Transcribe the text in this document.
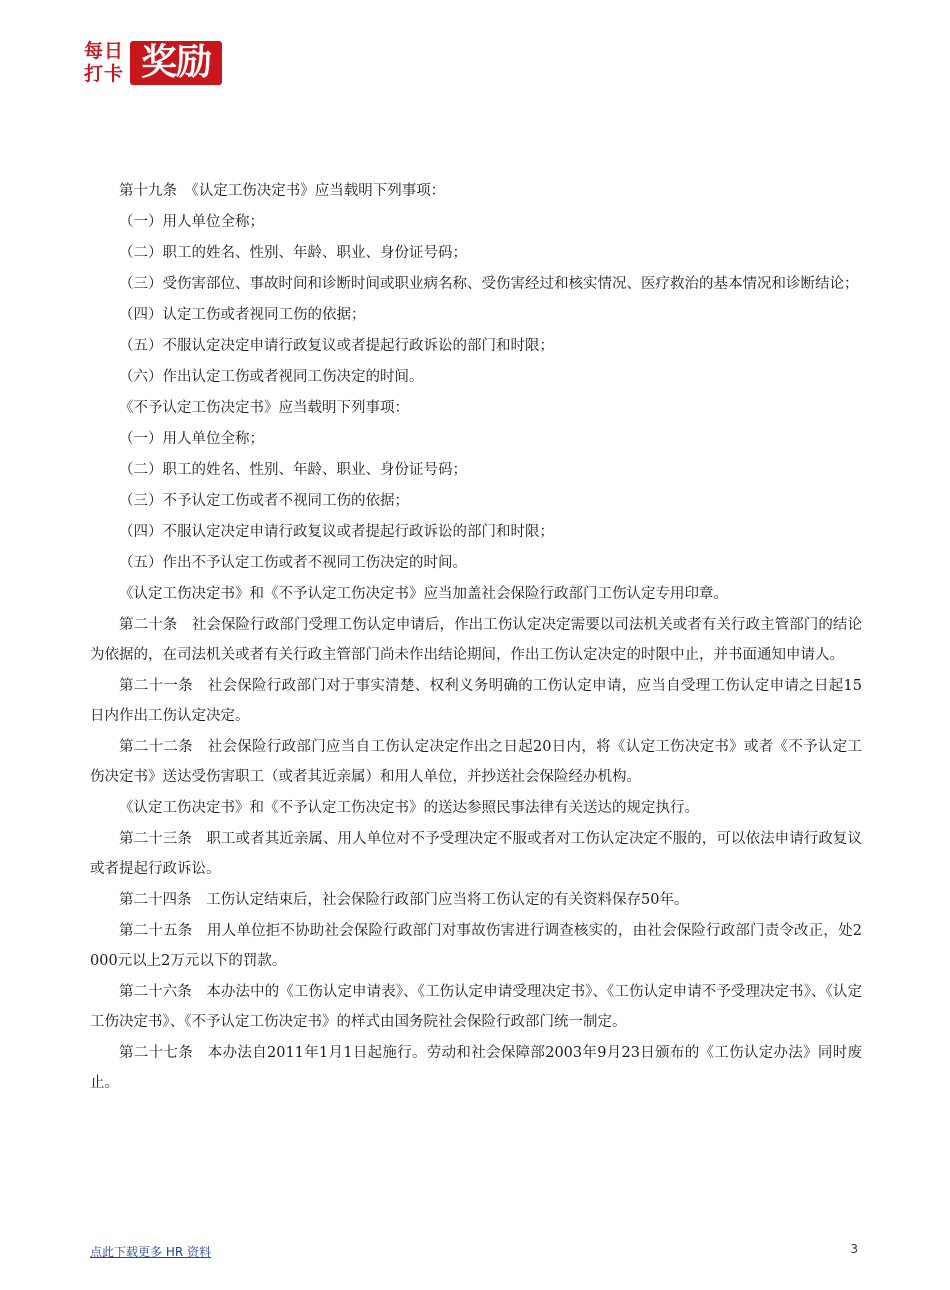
每日
打卡 奖励

第十九条　《认定工伤决定书》应当载明下列事项：

（一）用人单位全称；

（二）职工的姓名、性别、年龄、职业、身份证号码；

（三）受伤害部位、事故时间和诊断时间或职业病名称、受伤害经过和核实情况、医疗救治的基本情况和诊断结论；

（四）认定工伤或者视同工伤的依据；

（五）不服认定决定申请行政复议或者提起行政诉讼的部门和时限；

（六）作出认定工伤或者视同工伤决定的时间。

《不予认定工伤决定书》应当载明下列事项：

（一）用人单位全称；

（二）职工的姓名、性别、年龄、职业、身份证号码；

（三）不予认定工伤或者不视同工伤的依据；

（四）不服认定决定申请行政复议或者提起行政诉讼的部门和时限；

（五）作出不予认定工伤或者不视同工伤决定的时间。

《认定工伤决定书》和《不予认定工伤决定书》应当加盖社会保险行政部门工伤认定专用印章。

第二十条　社会保险行政部门受理工伤认定申请后，作出工伤认定决定需要以司法机关或者有关行政主管部门的结论为依据的，在司法机关或者有关行政主管部门尚未作出结论期间，作出工伤认定决定的时限中止，并书面通知申请人。

第二十一条　社会保险行政部门对于事实清楚、权利义务明确的工伤认定申请，应当自受理工伤认定申请之日起15日内作出工伤认定决定。

第二十二条　社会保险行政部门应当自工伤认定决定作出之日起20日内，将《认定工伤决定书》或者《不予认定工伤决定书》送达受伤害职工（或者其近亲属）和用人单位，并抄送社会保险经办机构。

《认定工伤决定书》和《不予认定工伤决定书》的送达参照民事法律有关送达的规定执行。

第二十三条　职工或者其近亲属、用人单位对不予受理决定不服或者对工伤认定决定不服的，可以依法申请行政复议或者提起行政诉讼。

第二十四条　工伤认定结束后，社会保险行政部门应当将工伤认定的有关资料保存50年。

第二十五条　用人单位拒不协助社会保险行政部门对事故伤害进行调查核实的，由社会保险行政部门责令改正，处2000元以上2万元以下的罚款。

第二十六条　本办法中的《工伤认定申请表》、《工伤认定申请受理决定书》、《工伤认定申请不予受理决定书》、《认定工伤决定书》、《不予认定工伤决定书》的样式由国务院社会保险行政部门统一制定。

第二十七条　本办法自2011年1月1日起施行。劳动和社会保障部2003年9月23日颁布的《工伤认定办法》同时废止。

点此下载更多 HR 资料	3
